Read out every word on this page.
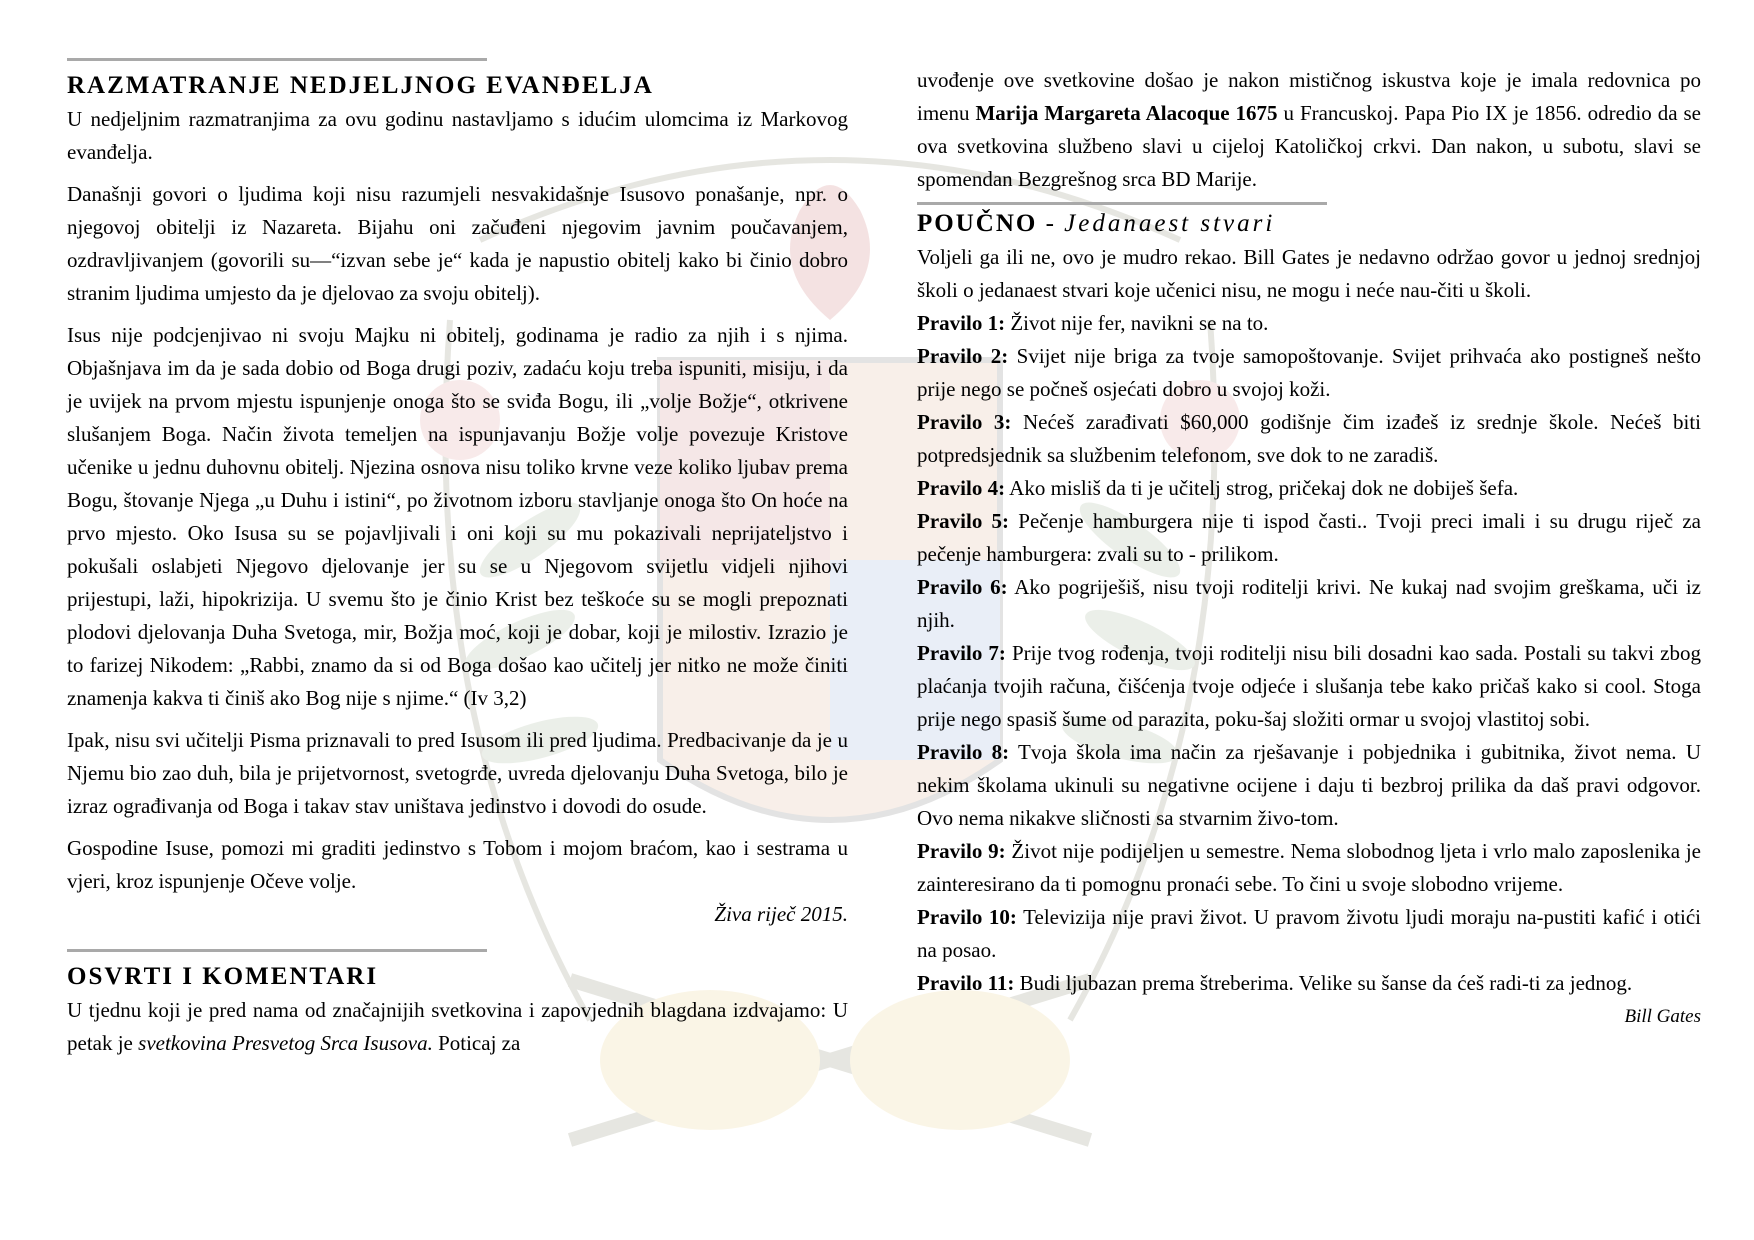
RAZMATRANJE NEDJELJNOG EVANĐELJA

U nedjeljnim razmatranjima za ovu godinu nastavljamo s idućim ulomcima iz Markovog evanđelja.

Današnji govori o ljudima koji nisu razumjeli nesvakidašnje Isusovo ponašanje, npr. o njegovoj obitelji iz Nazareta. Bijahu oni začuđeni njegovim javnim poučavanjem, ozdravljivanjem (govorili su—“izvan sebe je“ kada je napustio obitelj kako bi činio dobro stranim ljudima umjesto da je djelovao za svoju obitelj).

Isus nije podcjenjivao ni svoju Majku ni obitelj, godinama je radio za njih i s njima. Objašnjava im da je sada dobio od Boga drugi poziv, zadaću koju treba ispuniti, misiju, i da je uvijek na prvom mjestu ispunjenje onoga što se sviđa Bogu, ili „volje Božje“, otkrivene slušanjem Boga. Način života temeljen na ispunjavanju Božje volje povezuje Kristove učenike u jednu duhovnu obitelj. Njezina osnova nisu toliko krvne veze koliko ljubav prema Bogu, štovanje Njega „u Duhu i istini“, po životnom izboru stavljanje onoga što On hoće na prvo mjesto. Oko Isusa su se pojavljivali i oni koji su mu pokazivali neprijateljstvo i pokušali oslabjeti Njegovo djelovanje jer su se u Njegovom svijetlu vidjeli njihovi prijestupi, laži, hipokrizija. U svemu što je činio Krist bez teškoće su se mogli prepoznati plodovi djelovanja Duha Svetoga, mir, Božja moć, koji je dobar, koji je milostiv. Izrazio je to farizej Nikodem: „Rabbi, znamo da si od Boga došao kao učitelj jer nitko ne može činiti znamenja kakva ti činiš ako Bog nije s njime.“ (Iv 3,2)

Ipak, nisu svi učitelji Pisma priznavali to pred Isusom ili pred ljudima. Predbacivanje da je u Njemu bio zao duh, bila je prijetvornost, svetogrđe, uvreda djelovanju Duha Svetoga, bilo je izraz ograđivanja od Boga i takav stav uništava jedinstvo i dovodi do osude.

Gospodine Isuse, pomozi mi graditi jedinstvo s Tobom i mojom braćom, kao i sestrama u vjeri, kroz ispunjenje Očeve volje.

Živa riječ 2015.

OSVRTI I KOMENTARI

U tjednu koji je pred nama od značajnijih svetkovina i zapovjednih blagdana izdvajamo: U petak je svetkovina Presvetog Srca Isusova. Poticaj za

uvođenje ove svetkovine došao je nakon mističnog iskustva koje je imala redovnica po imenu Marija Margareta Alacoque 1675 u Francuskoj. Papa Pio IX je 1856. odredio da se ova svetkovina službeno slavi u cijeloj Katoličkoj crkvi. Dan nakon, u subotu, slavi se spomendan Bezgrešnog srca BD Marije.

POUČNO - Jedanaest stvari

Voljeli ga ili ne, ovo je mudro rekao. Bill Gates je nedavno održao govor u jednoj srednjoj školi o jedanaest stvari koje učenici nisu, ne mogu i neće nau-čiti u školi.

Pravilo 1: Život nije fer, navikni se na to.

Pravilo 2: Svijet nije briga za tvoje samopoštovanje. Svijet prihvaća ako postigneš nešto prije nego se počneš osjećati dobro u svojoj koži.

Pravilo 3: Nećeš zarađivati $60,000 godišnje čim izađeš iz srednje škole. Nećeš biti potpredsjednik sa službenim telefonom, sve dok to ne zaradiš.

Pravilo 4: Ako misliš da ti je učitelj strog, pričekaj dok ne dobiješ šefa.

Pravilo 5: Pečenje hamburgera nije ti ispod časti.. Tvoji preci imali i su drugu riječ za pečenje hamburgera: zvali su to - prilikom.

Pravilo 6: Ako pogriješiš, nisu tvoji roditelji krivi. Ne kukaj nad svojim greškama, uči iz njih.

Pravilo 7: Prije tvog rođenja, tvoji roditelji nisu bili dosadni kao sada. Postali su takvi zbog plaćanja tvojih računa, čišćenja tvoje odjeće i slušanja tebe kako pričaš kako si cool. Stoga prije nego spasiš šume od parazita, poku-šaj složiti ormar u svojoj vlastitoj sobi.

Pravilo 8: Tvoja škola ima način za rješavanje i pobjednika i gubitnika, život nema. U nekim školama ukinuli su negativne ocijene i daju ti bezbroj prilika da daš pravi odgovor. Ovo nema nikakve sličnosti sa stvarnim živo-tom.

Pravilo 9: Život nije podijeljen u semestre. Nema slobodnog ljeta i vrlo malo zaposlenika je zainteresirano da ti pomognu pronaći sebe. To čini u svoje slobodno vrijeme.

Pravilo 10: Televizija nije pravi život. U pravom životu ljudi moraju na-pustiti kafić i otići na posao.

Pravilo 11: Budi ljubazan prema štreberima. Velike su šanse da ćeš radi-ti za jednog.

Bill Gates
